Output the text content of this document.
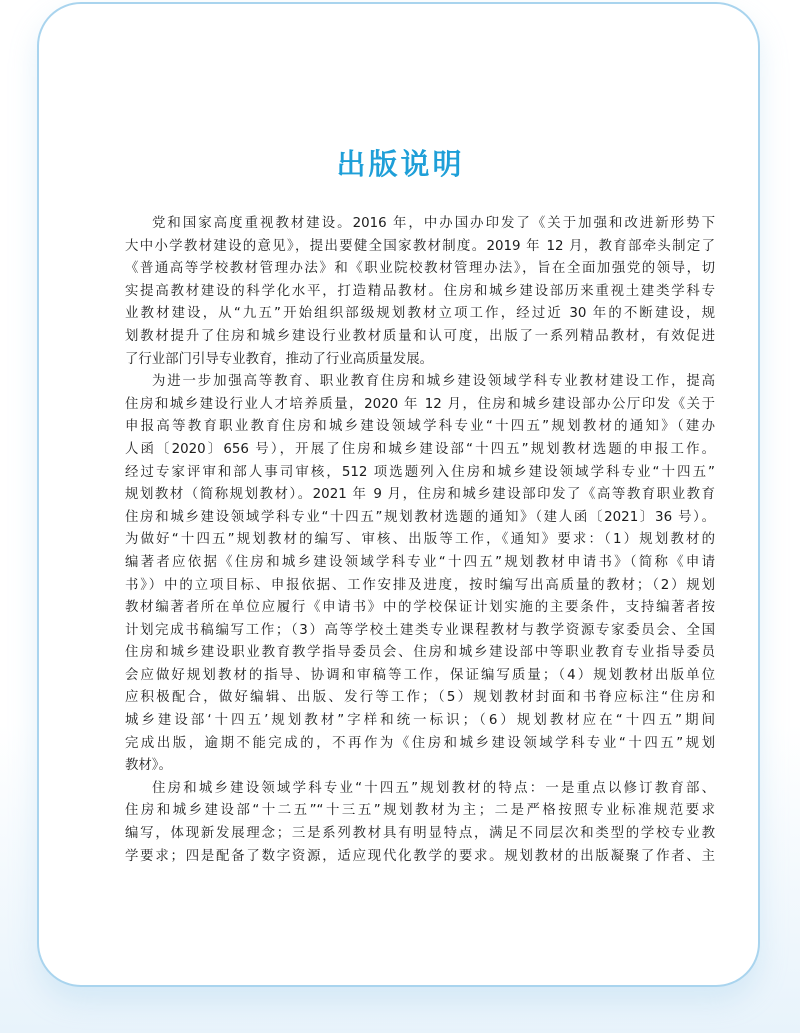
出版说明
党和国家高度重视教材建设。2016 年，中办国办印发了《关于加强和改进新形势下
大中小学教材建设的意见》，提出要健全国家教材制度。2019 年 12 月，教育部牵头制定了
《普通高等学校教材管理办法》和《职业院校教材管理办法》，旨在全面加强党的领导，切
实提高教材建设的科学化水平，打造精品教材。住房和城乡建设部历来重视土建类学科专
业教材建设，从“九五”开始组织部级规划教材立项工作，经过近 30 年的不断建设，规
划教材提升了住房和城乡建设行业教材质量和认可度，出版了一系列精品教材，有效促进
了行业部门引导专业教育，推动了行业高质量发展。
为进一步加强高等教育、职业教育住房和城乡建设领域学科专业教材建设工作，提高
住房和城乡建设行业人才培养质量，2020 年 12 月，住房和城乡建设部办公厅印发《关于
申报高等教育职业教育住房和城乡建设领域学科专业“十四五”规划教材的通知》（建办
人函〔2020〕656 号），开展了住房和城乡建设部“十四五”规划教材选题的申报工作。
经过专家评审和部人事司审核，512 项选题列入住房和城乡建设领域学科专业“十四五”
规划教材（简称规划教材）。2021 年 9 月，住房和城乡建设部印发了《高等教育职业教育
住房和城乡建设领域学科专业“十四五”规划教材选题的通知》（建人函〔2021〕36 号）。
为做好“十四五”规划教材的编写、审核、出版等工作，《通知》要求：（1）规划教材的
编著者应依据《住房和城乡建设领域学科专业“十四五”规划教材申请书》（简称《申请
书》）中的立项目标、申报依据、工作安排及进度，按时编写出高质量的教材；（2）规划
教材编著者所在单位应履行《申请书》中的学校保证计划实施的主要条件，支持编著者按
计划完成书稿编写工作；（3）高等学校土建类专业课程教材与教学资源专家委员会、全国
住房和城乡建设职业教育教学指导委员会、住房和城乡建设部中等职业教育专业指导委员
会应做好规划教材的指导、协调和审稿等工作，保证编写质量；（4）规划教材出版单位
应积极配合，做好编辑、出版、发行等工作；（5）规划教材封面和书脊应标注“住房和
城乡建设部‘十四五’规划教材”字样和统一标识；（6）规划教材应在“十四五”期间
完成出版，逾期不能完成的，不再作为《住房和城乡建设领域学科专业“十四五”规划
教材》。
住房和城乡建设领域学科专业“十四五”规划教材的特点：一是重点以修订教育部、
住房和城乡建设部“十二五”“十三五”规划教材为主；二是严格按照专业标准规范要求
编写，体现新发展理念；三是系列教材具有明显特点，满足不同层次和类型的学校专业教
学要求；四是配备了数字资源，适应现代化教学的要求。规划教材的出版凝聚了作者、主
